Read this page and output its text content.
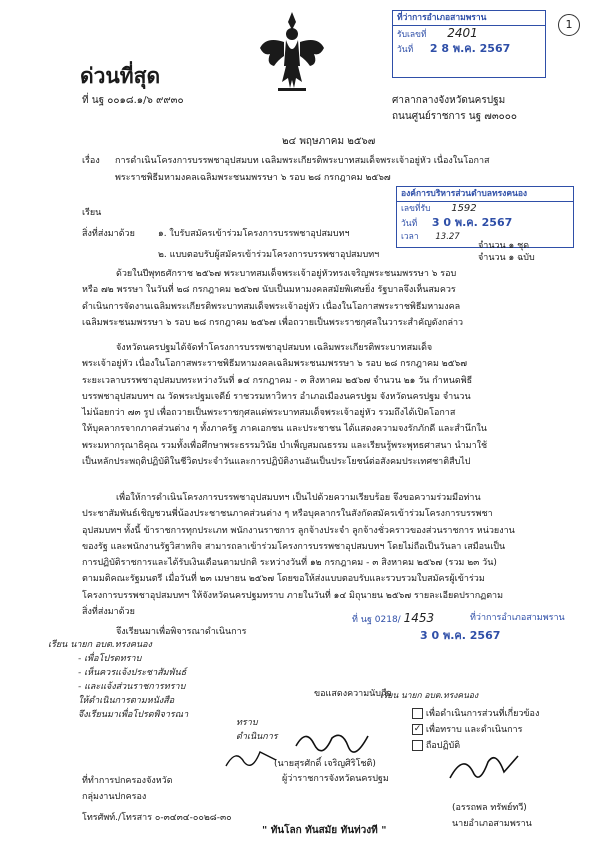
ที่ว่าการอำเภอสามพราน
รับเลขที่ 2401
วันที่ 2 8 พ.ค. 2567
1
ด่วนที่สุด
ที่ นฐ ๐๐๑๘.๑/๖ ๙๙๓๐	ศาลากลางจังหวัดนครปฐม
ถนนศูนย์ราชการ นฐ ๗๓๐๐๐
๒๔ พฤษภาคม ๒๕๖๗
เรื่อง การดำเนินโครงการบรรพชาอุปสมบท เฉลิมพระเกียรติพระบาทสมเด็จพระเจ้าอยู่หัว เนื่องในโอกาส
พระราชพิธีมหามงคลเฉลิมพระชนมพรรษา ๖ รอบ ๒๘ กรกฎาคม ๒๕๖๗
องค์การบริหารส่วนตำบลทรงคนอง
เลขที่รับ 1592
วันที่ 3 0 พ.ค. 2567
เวลา 13.27
เรียน
สิ่งที่ส่งมาด้วย	๑. ใบรับสมัครเข้าร่วมโครงการบรรพชาอุปสมบทฯ
จำนวน ๑ ชุด
๒. แบบตอบรับผู้สมัครเข้าร่วมโครงการบรรพชาอุปสมบทฯ	จำนวน ๑ ฉบับ
ด้วยในปีพุทธศักราช ๒๕๖๗ พระบาทสมเด็จพระเจ้าอยู่หัวทรงเจริญพระชนมพรรษา ๖ รอบ
หรือ ๗๒ พรรษา ในวันที่ ๒๘ กรกฎาคม ๒๕๖๗ นับเป็นมหามงคลสมัยพิเศษยิ่ง รัฐบาลจึงเห็นสมควร
ดำเนินการจัดงานเฉลิมพระเกียรติพระบาทสมเด็จพระเจ้าอยู่หัว เนื่องในโอกาสพระราชพิธีมหามงคล
เฉลิมพระชนมพรรษา ๖ รอบ ๒๘ กรกฎาคม ๒๕๖๗ เพื่อถวายเป็นพระราชกุศลในวาระสำคัญดังกล่าว
จังหวัดนครปฐมได้จัดทำโครงการบรรพชาอุปสมบท เฉลิมพระเกียรติพระบาทสมเด็จ
พระเจ้าอยู่หัว เนื่องในโอกาสพระราชพิธีมหามงคลเฉลิมพระชนมพรรษา ๖ รอบ ๒๘ กรกฎาคม ๒๕๖๗
ระยะเวลาบรรพชาอุปสมบทระหว่างวันที่ ๑๔ กรกฎาคม - ๓ สิงหาคม ๒๕๖๗ จำนวน ๒๑ วัน กำหนดพิธี
บรรพชาอุปสมบทฯ ณ วัดพระปฐมเจดีย์ ราชวรมหาวิหาร อำเภอเมืองนครปฐม จังหวัดนครปฐม จำนวน
ไม่น้อยกว่า ๗๓ รูป เพื่อถวายเป็นพระราชกุศลแด่พระบาทสมเด็จพระเจ้าอยู่หัว รวมถึงได้เปิดโอกาส
ให้บุคลากรจากภาคส่วนต่าง ๆ ทั้งภาครัฐ ภาคเอกชน และประชาชน ได้แสดงความจงรักภักดี และสำนึกใน
พระมหากรุณาธิคุณ รวมทั้งเพื่อศึกษาพระธรรมวินัย บำเพ็ญสมณธรรม และเรียนรู้พระพุทธศาสนา นำมาใช้
เป็นหลักประพฤติปฏิบัติในชีวิตประจำวันและการปฏิบัติงานอันเป็นประโยชน์ต่อสังคมประเทศชาติสืบไป
เพื่อให้การดำเนินโครงการบรรพชาอุปสมบทฯ เป็นไปด้วยความเรียบร้อย จึงขอความร่วมมือท่าน
ประชาสัมพันธ์เชิญชวนพี่น้องประชาชนภาคส่วนต่าง ๆ หรือบุคลากรในสังกัดสมัครเข้าร่วมโครงการบรรพชา
อุปสมบทฯ ทั้งนี้ ข้าราชการทุกประเภท พนักงานราชการ ลูกจ้างประจำ ลูกจ้างชั่วคราวของส่วนราชการ หน่วยงาน
ของรัฐ และพนักงานรัฐวิสาหกิจ สามารถลาเข้าร่วมโครงการบรรพชาอุปสมบทฯ โดยไม่ถือเป็นวันลา เสมือนเป็น
การปฏิบัติราชการและได้รับเงินเดือนตามปกติ ระหว่างวันที่ ๑๒ กรกฎาคม - ๓ สิงหาคม ๒๕๖๗ (รวม ๒๓ วัน)
ตามมติคณะรัฐมนตรี เมื่อวันที่ ๒๓ เมษายน ๒๕๖๗ โดยขอให้ส่งแบบตอบรับและรวบรวมใบสมัครผู้เข้าร่วม
โครงการบรรพชาอุปสมบทฯ ให้จังหวัดนครปฐมทราบ ภายในวันที่ ๑๔ มิถุนายน ๒๕๖๗ รายละเอียดปรากฏตาม
สิ่งที่ส่งมาด้วย
จึงเรียนมาเพื่อพิจารณาดำเนินการ
ขอแสดงความนับถือ
ที่ นฐ 0218/ 1453	ที่ว่าการอำเภอสามพราน
3 0 พ.ค. 2567
เรียน นายก อบต.ทรงคนอง
เพื่อดำเนินการส่วนที่เกี่ยวข้อง
✓ เพื่อทราบ และดำเนินการ
ถือปฏิบัติ
(นายสุรศักดิ์ เจริญศิริโชติ)
ผู้ว่าราชการจังหวัดนครปฐม
(อรรถพล ทรัพย์ทวี)
นายอำเภอสามพราน
ที่ทำการปกครองจังหวัด
กลุ่มงานปกครอง
โทรศัพท์./โทรสาร ๐-๓๔๓๔-๐๐๒๘-๓๐
" ทันโลก ทันสมัย ทันท่วงที "
เรียน นายก อบต.ทรงคนอง
- เพื่อโปรดทราบ
- เห็นควรแจ้งประชาสัมพันธ์
- และแจ้งส่วนราชการทราบ
ให้ดำเนินการตามหนังสือ
จึงเรียนมาเพื่อโปรดพิจารณา
ทราบ
ดำเนินการ
